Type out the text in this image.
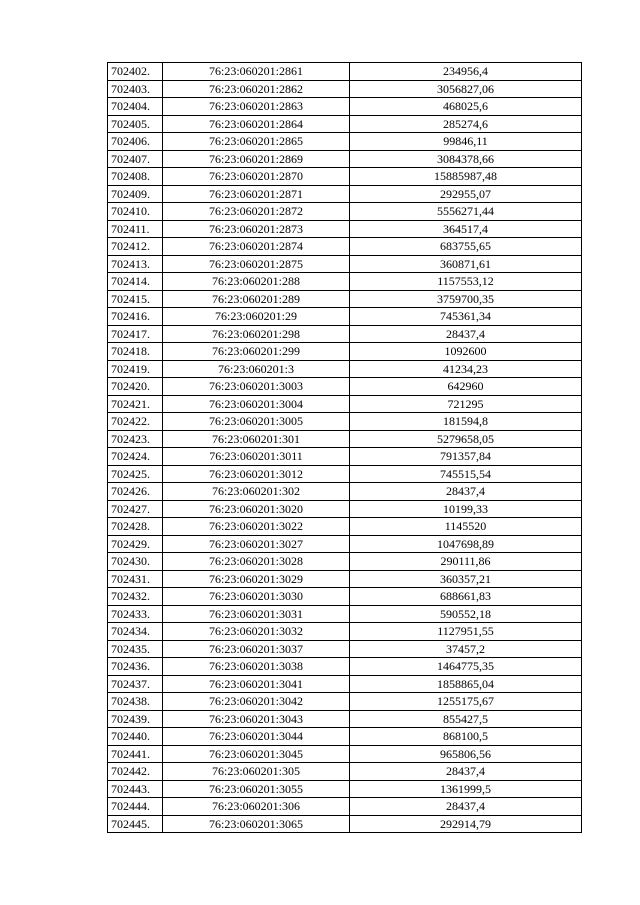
702402.	76:23:060201:2861	234956,4
702403.	76:23:060201:2862	3056827,06
702404.	76:23:060201:2863	468025,6
702405.	76:23:060201:2864	285274,6
702406.	76:23:060201:2865	99846,11
702407.	76:23:060201:2869	3084378,66
702408.	76:23:060201:2870	15885987,48
702409.	76:23:060201:2871	292955,07
702410.	76:23:060201:2872	5556271,44
702411.	76:23:060201:2873	364517,4
702412.	76:23:060201:2874	683755,65
702413.	76:23:060201:2875	360871,61
702414.	76:23:060201:288	1157553,12
702415.	76:23:060201:289	3759700,35
702416.	76:23:060201:29	745361,34
702417.	76:23:060201:298	28437,4
702418.	76:23:060201:299	1092600
702419.	76:23:060201:3	41234,23
702420.	76:23:060201:3003	642960
702421.	76:23:060201:3004	721295
702422.	76:23:060201:3005	181594,8
702423.	76:23:060201:301	5279658,05
702424.	76:23:060201:3011	791357,84
702425.	76:23:060201:3012	745515,54
702426.	76:23:060201:302	28437,4
702427.	76:23:060201:3020	10199,33
702428.	76:23:060201:3022	1145520
702429.	76:23:060201:3027	1047698,89
702430.	76:23:060201:3028	290111,86
702431.	76:23:060201:3029	360357,21
702432.	76:23:060201:3030	688661,83
702433.	76:23:060201:3031	590552,18
702434.	76:23:060201:3032	1127951,55
702435.	76:23:060201:3037	37457,2
702436.	76:23:060201:3038	1464775,35
702437.	76:23:060201:3041	1858865,04
702438.	76:23:060201:3042	1255175,67
702439.	76:23:060201:3043	855427,5
702440.	76:23:060201:3044	868100,5
702441.	76:23:060201:3045	965806,56
702442.	76:23:060201:305	28437,4
702443.	76:23:060201:3055	1361999,5
702444.	76:23:060201:306	28437,4
702445.	76:23:060201:3065	292914,79
